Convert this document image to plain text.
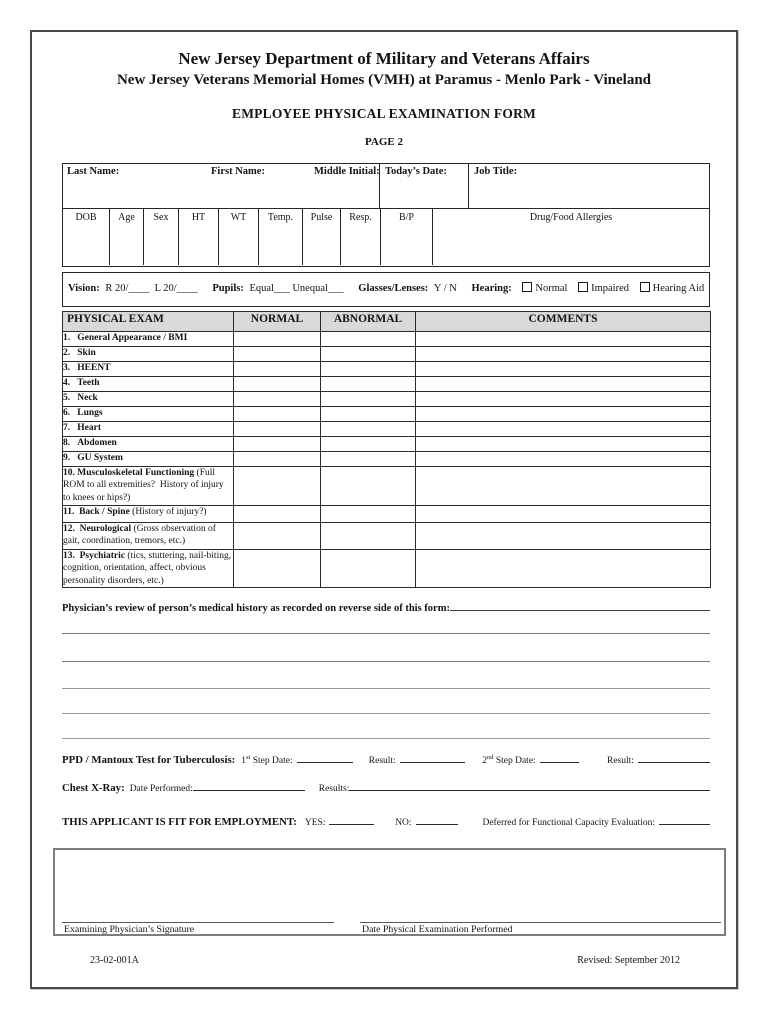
New Jersey Department of Military and Veterans Affairs
New Jersey Veterans Memorial Homes (VMH) at Paramus - Menlo Park - Vineland
EMPLOYEE PHYSICAL EXAMINATION FORM
PAGE 2
Last Name:	First Name:	Middle Initial: Today’s Date:	Job Title:
DOB	Age	Sex	HT	WT	Temp.	Pulse	Resp.	B/P	Drug/Food Allergies
Vision: R 20/____  L 20/____ Pupils: Equal___ Unequal___ Glasses/Lenses: Y / N Hearing: Normal Impaired Hearing Aid
PHYSICAL EXAM	NORMAL	ABNORMAL	COMMENTS
1.   General Appearance / BMI			
2.   Skin			
3.   HEENT			
4.   Teeth			
5.   Neck			
6.   Lungs			
7.   Heart			
8.   Abdomen			
9.   GU System			
10. Musculoskeletal Functioning (Full ROM to all extremities?  History of injury to knees or hips?)			
11.  Back / Spine (History of injury?)			
12.  Neurological (Gross observation of gait, coordination, tremors, etc.)			
13.  Psychiatric (tics, stuttering, nail-biting, cognition, orientation, affect, obvious personality disorders, etc.)			
Physician’s review of person’s medical history as recorded on reverse side of this form:
PPD / Mantoux Test for Tuberculosis: 1st Step Date:	Result:	2nd Step Date:	Result:
Chest X-Ray: Date Performed:	Results:
THIS APPLICANT IS FIT FOR EMPLOYMENT: YES:	NO:	Deferred for Functional Capacity Evaluation:
Examining Physician’s Signature	Date Physical Examination Performed
23-02-001A	Revised: September 2012
